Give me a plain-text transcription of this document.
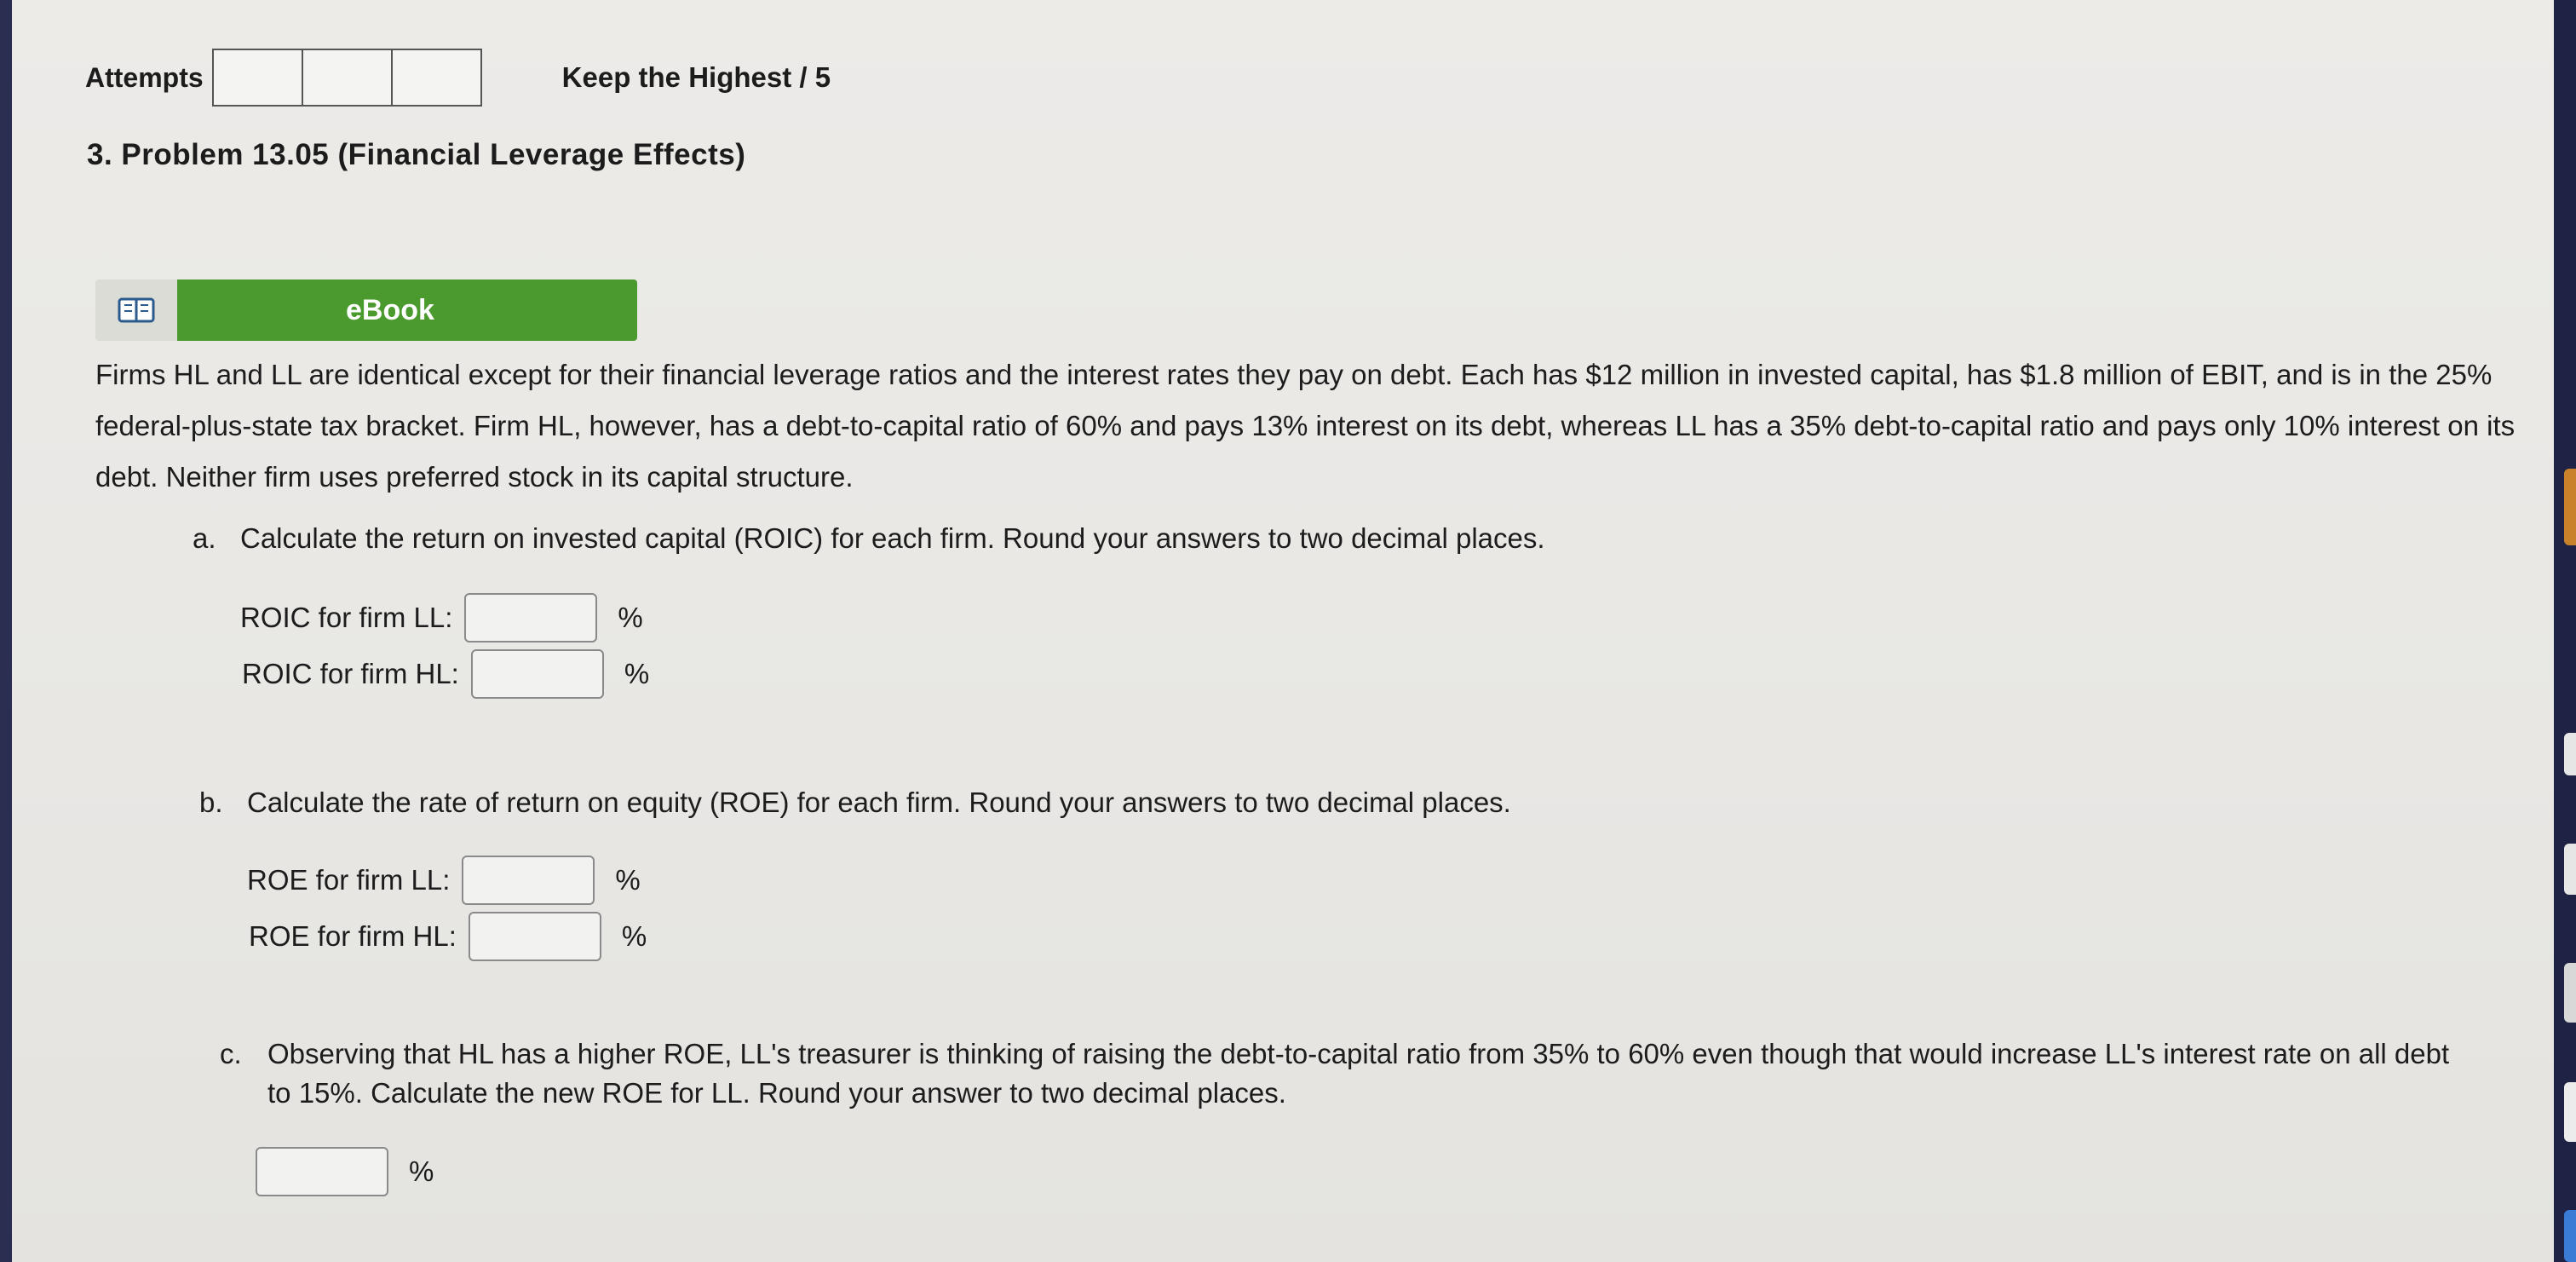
Attempts	Keep the Highest / 5
3. Problem 13.05 (Financial Leverage Effects)
eBook
Firms HL and LL are identical except for their financial leverage ratios and the interest rates they pay on debt. Each has $12 million in invested capital, has $1.8 million of EBIT, and is in the 25% federal-plus-state tax bracket. Firm HL, however, has a debt-to-capital ratio of 60% and pays 13% interest on its debt, whereas LL has a 35% debt-to-capital ratio and pays only 10% interest on its debt. Neither firm uses preferred stock in its capital structure.
a. Calculate the return on invested capital (ROIC) for each firm. Round your answers to two decimal places.
ROIC for firm LL:	%
ROIC for firm HL:	%
b. Calculate the rate of return on equity (ROE) for each firm. Round your answers to two decimal places.
ROE for firm LL:	%
ROE for firm HL:	%
c. Observing that HL has a higher ROE, LL's treasurer is thinking of raising the debt-to-capital ratio from 35% to 60% even though that would increase LL's interest rate on all debt to 15%. Calculate the new ROE for LL. Round your answer to two decimal places.
%
